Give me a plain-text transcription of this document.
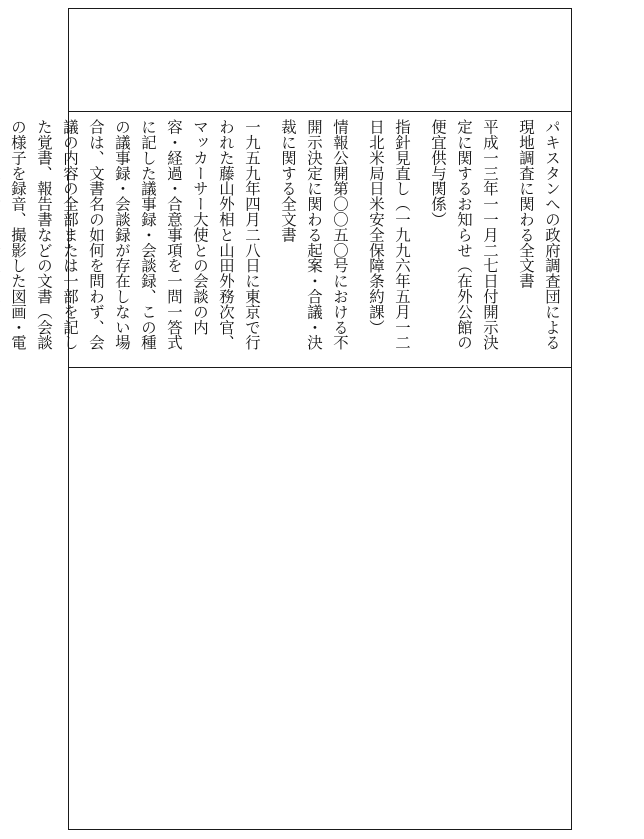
パキスタンへの政府調査団による現地調査に関わる全文書

平成一三年一一月二七日付開示決定に関するお知らせ（在外公館の便宜供与関係）

指針見直し（一九九六年五月一二日北米局日米安全保障条約課）

情報公開第〇〇五〇号における不開示決定に関わる起案・合議・決裁に関する全文書

一九五九年四月二八日に東京で行われた藤山外相と山田外務次官、マッカーサー大使との会談の内容・経過・合意事項を一問一答式に記した議事録・会談録、この種の議事録・会談録が存在しない場合は、文書名の如何を問わず、会議の内容の全部または一部を記した覚書、報告書などの文書（会談の様子を録音、撮影した図画・電
